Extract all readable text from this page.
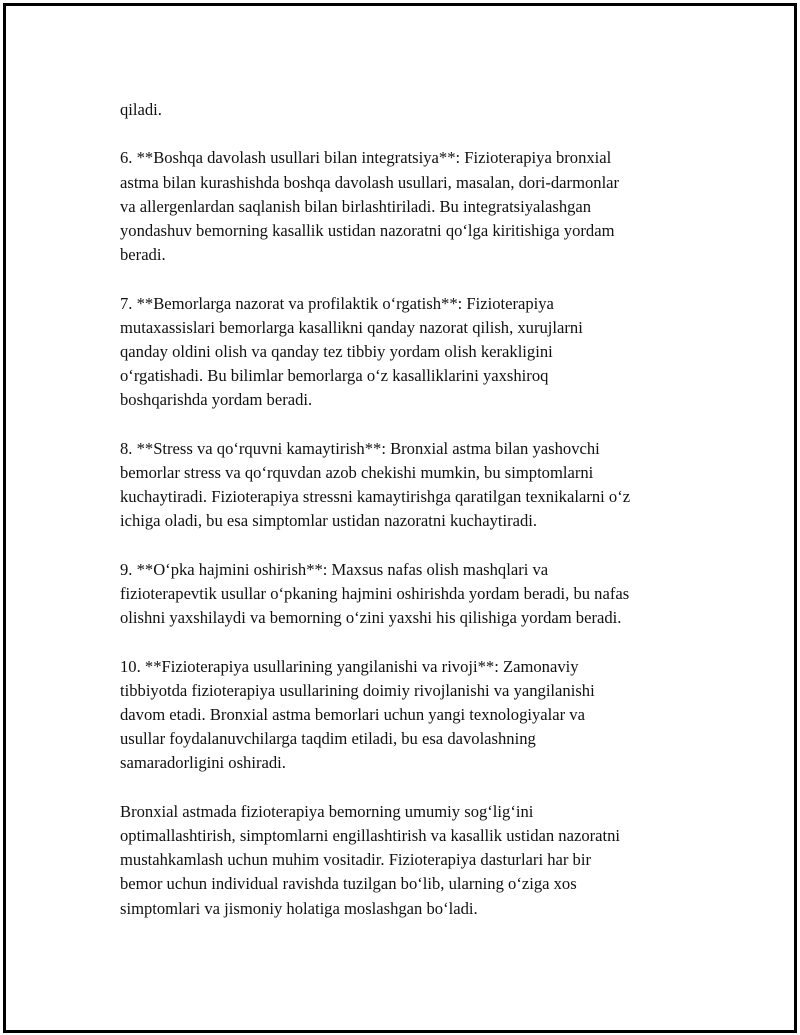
qiladi.

6. **Boshqa davolash usullari bilan integratsiya**: Fizioterapiya bronxial
astma bilan kurashishda boshqa davolash usullari, masalan, dori-darmonlar
va allergenlardan saqlanish bilan birlashtiriladi. Bu integratsiyalashgan
yondashuv bemorning kasallik ustidan nazoratni qo‘lga kiritishiga yordam
beradi.

7. **Bemorlarga nazorat va profilaktik o‘rgatish**: Fizioterapiya
mutaxassislari bemorlarga kasallikni qanday nazorat qilish, xurujlarni
qanday oldini olish va qanday tez tibbiy yordam olish kerakligini
o‘rgatishadi. Bu bilimlar bemorlarga o‘z kasalliklarini yaxshiroq
boshqarishda yordam beradi.

8. **Stress va qo‘rquvni kamaytirish**: Bronxial astma bilan yashovchi
bemorlar stress va qo‘rquvdan azob chekishi mumkin, bu simptomlarni
kuchaytiradi. Fizioterapiya stressni kamaytirishga qaratilgan texnikalarni o‘z
ichiga oladi, bu esa simptomlar ustidan nazoratni kuchaytiradi.

9. **O‘pka hajmini oshirish**: Maxsus nafas olish mashqlari va
fizioterapevtik usullar o‘pkaning hajmini oshirishda yordam beradi, bu nafas
olishni yaxshilaydi va bemorning o‘zini yaxshi his qilishiga yordam beradi.

10. **Fizioterapiya usullarining yangilanishi va rivoji**: Zamonaviy
tibbiyotda fizioterapiya usullarining doimiy rivojlanishi va yangilanishi
davom etadi. Bronxial astma bemorlari uchun yangi texnologiyalar va
usullar foydalanuvchilarga taqdim etiladi, bu esa davolashning
samaradorligini oshiradi.

Bronxial astmada fizioterapiya bemorning umumiy sog‘lig‘ini
optimallashtirish, simptomlarni engillashtirish va kasallik ustidan nazoratni
mustahkamlash uchun muhim vositadir. Fizioterapiya dasturlari har bir
bemor uchun individual ravishda tuzilgan bo‘lib, ularning o‘ziga xos
simptomlari va jismoniy holatiga moslashgan bo‘ladi.
